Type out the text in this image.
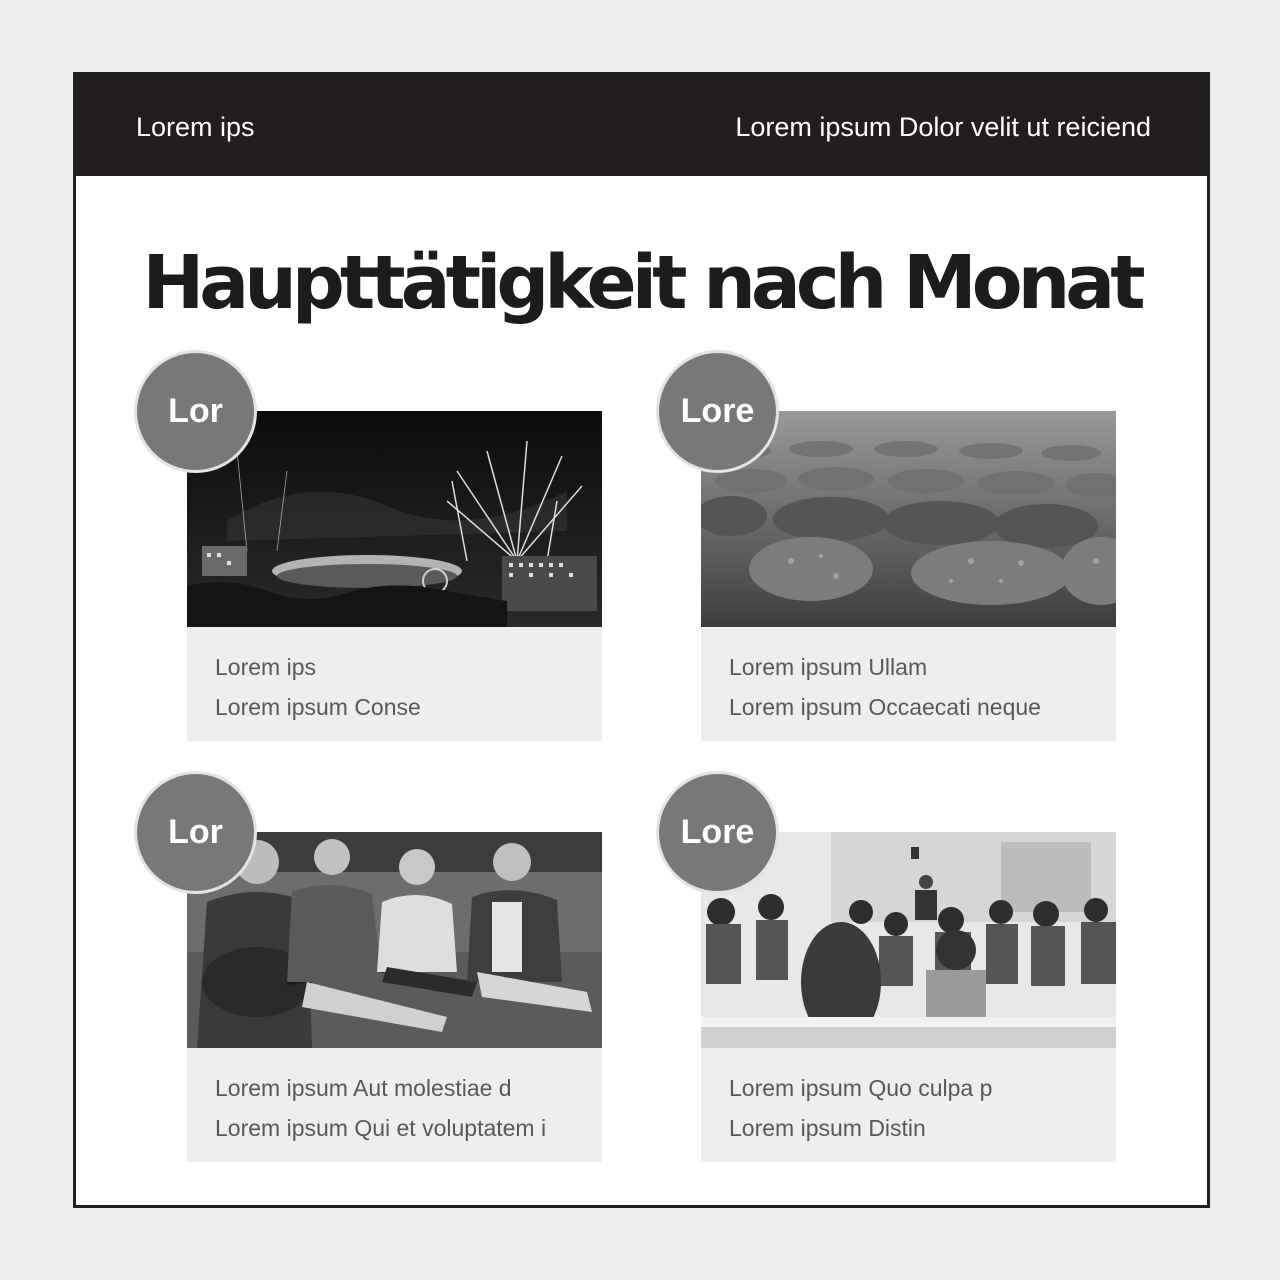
Lorem ips	Lorem ipsum Dolor velit ut reiciend
Haupttätigkeit nach Monat
Lorem ips
Lorem ipsum Conse
Lor
Lorem ipsum Ullam
Lorem ipsum Occaecati neque
Lore
Lorem ipsum Aut molestiae d
Lorem ipsum Qui et voluptatem i
Lor
Lorem ipsum Quo culpa p
Lorem ipsum Distin
Lore
